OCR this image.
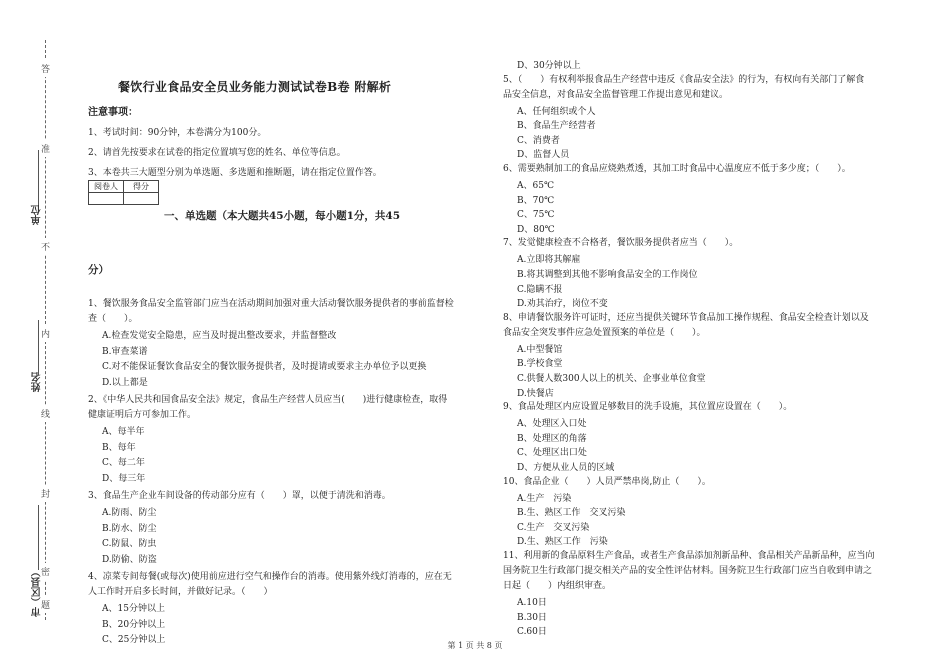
答
准
不
内
线
封
密
题
单位
姓名
市（区县）
餐饮行业食品安全员业务能力测试试卷B卷 附解析
注意事项：
1、考试时间：90分钟，本卷满分为100分。
2、请首先按要求在试卷的指定位置填写您的姓名、单位等信息。
3、本卷共三大题型分别为单选题、多选题和推断题，请在指定位置作答。
阅卷人	得分

一、单选题（本大题共45小题，每小题1分，共45
分）
1、餐饮服务食品安全监管部门应当在活动期间加强对重大活动餐饮服务提供者的事前监督检
查（　　）。
A.检查发觉安全隐患，应当及时提出整改要求，并监督整改
B.审查菜谱
C.对不能保证餐饮食品安全的餐饮服务提供者，及时提请或要求主办单位予以更换
D.以上都是
2、《中华人民共和国食品安全法》规定，食品生产经营人员应当(　　)进行健康检查，取得
健康证明后方可参加工作。
A、每半年
B、每年
C、每二年
D、每三年
3、食品生产企业车间设备的传动部分应有（　　）罩，以便于清洗和消毒。
A.防雨、防尘
B.防水、防尘
C.防鼠、防虫
D.防偷、防盗
4、凉菜专间每餐(或每次)使用前应进行空气和操作台的消毒。使用紫外线灯消毒的，应在无
人工作时开启多长时间，并做好记录。（　　）
A、15分钟以上
B、20分钟以上
C、25分钟以上
D、30分钟以上
5、（　　）有权利举报食品生产经营中违反《食品安全法》的行为，有权向有关部门了解食
品安全信息，对食品安全监督管理工作提出意见和建议。
A、任何组织或个人
B、食品生产经营者
C、消费者
D、监督人员
6、需要熟制加工的食品应烧熟煮透，其加工时食品中心温度应不低于多少度；（　　）。
A、65℃
B、70℃
C、75℃
D、80℃
7、发觉健康检查不合格者，餐饮服务提供者应当（　　）。
A.立即将其解雇
B.将其调整到其他不影响食品安全的工作岗位
C.隐瞒不报
D.劝其治疗，岗位不变
8、申请餐饮服务许可证时，还应当提供关键环节食品加工操作规程、食品安全检查计划以及
食品安全突发事件应急处置预案的单位是（　　）。
A.中型餐馆
B.学校食堂
C.供餐人数300人以上的机关、企事业单位食堂
D.快餐店
9、食品处理区内应设置足够数目的洗手设施，其位置应设置在（　　）。
A、处理区入口处
B、处理区的角落
C、处理区出口处
D、方便从业人员的区域
10、食品企业（　　）人员严禁串岗,防止（　　）。
A.生产　污染
B.生、熟区工作　交叉污染
C.生产　交叉污染
D.生、熟区工作　污染
11、利用新的食品原料生产食品，或者生产食品添加剂新品种、食品相关产品新品种，应当向
国务院卫生行政部门提交相关产品的安全性评估材料。国务院卫生行政部门应当自收到申请之
日起（　　）内组织审查。
A.10日
B.30日
C.60日
第 1 页 共 8 页
